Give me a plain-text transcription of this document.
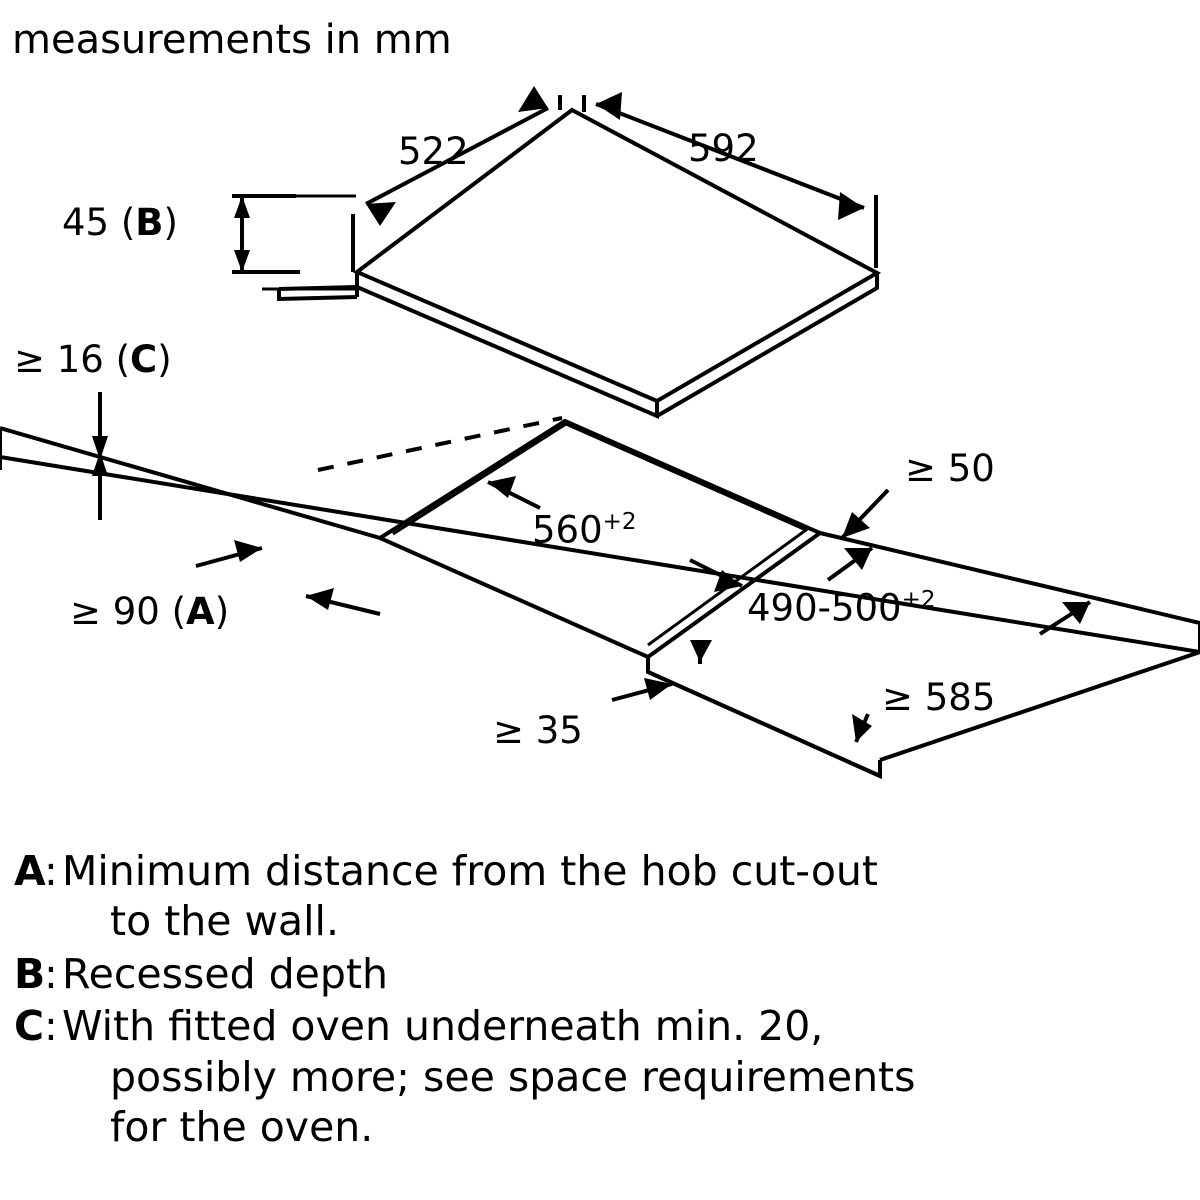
measurements in mm
522	592
45 (B)
≥ 16 (C)
≥ 50
$560^{+2}$
$490-500^{+2}$
≥ 90 (A)
≥ 585
≥ 35
A
: Minimum distance from the hob cut-out
to the wall.
B
: Recessed depth
C : With fitted oven underneath min. 20,
possibly more; see space requirements
for the oven.
